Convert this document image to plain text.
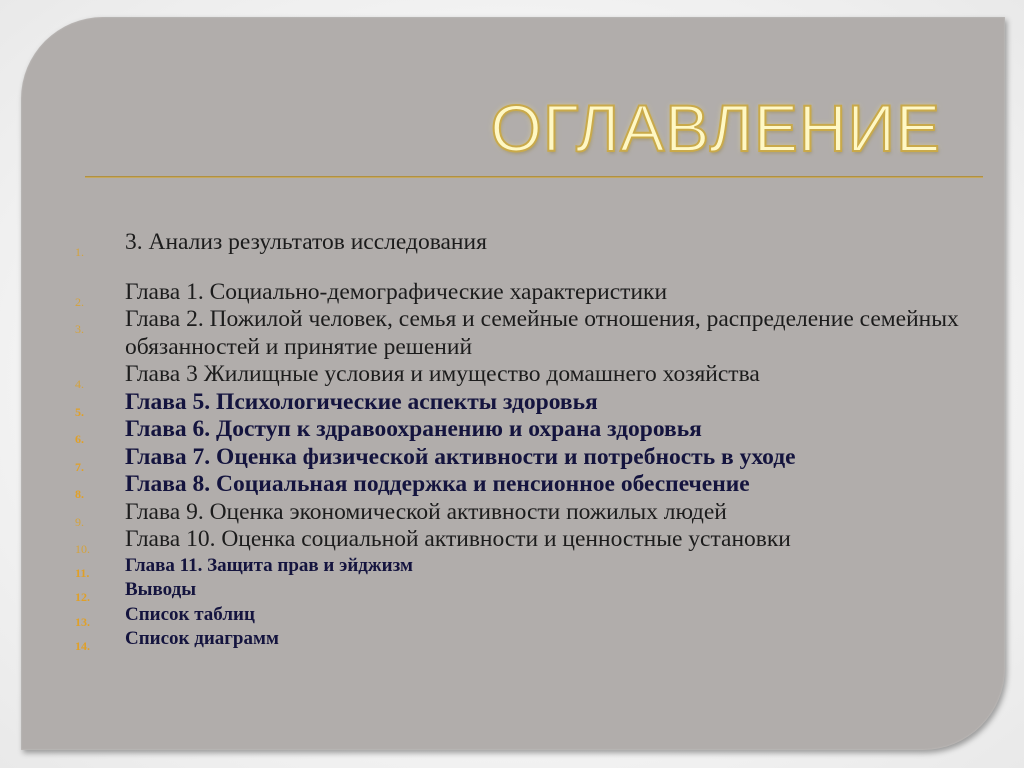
ОГЛАВЛЕНИЕ
1. 3. Анализ результатов исследования
2. Глава 1. Социально-демографические характеристики
3. Глава 2. Пожилой человек, семья и семейные отношения, распределение семейных обязанностей и принятие решений
4. Глава 3 Жилищные условия и имущество домашнего хозяйства
5. Глава 5. Психологические аспекты здоровья
6. Глава 6. Доступ к здравоохранению и охрана здоровья
7. Глава 7. Оценка физической активности и потребность в уходе
8. Глава 8. Социальная поддержка и пенсионное обеспечение
9. Глава 9. Оценка экономической активности пожилых людей
10. Глава 10. Оценка социальной активности и ценностные установки
11. Глава 11. Защита прав и эйджизм
12. Выводы
13. Список таблиц
14. Список диаграмм
